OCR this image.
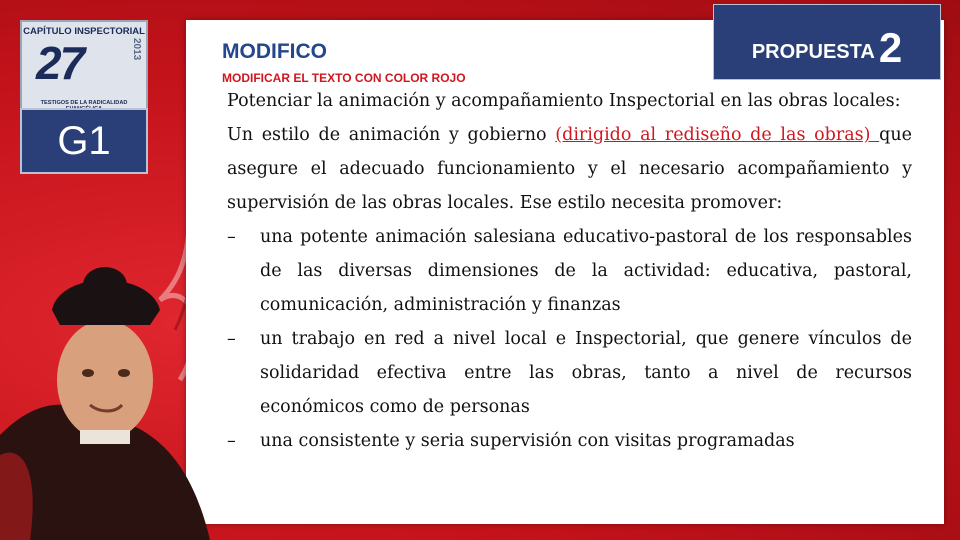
CAPÍTULO INSPECTORIAL
27	2013
TESTIGOS DE LA RADICALIDAD
G1
MODIFICO
MODIFICAR EL TEXTO CON COLOR ROJO
PROPUESTA 2

Potenciar la animación y acompañamiento Inspectorial en las obras locales:

Un estilo de animación y gobierno (dirigido al rediseño de las obras) que asegure el adecuado funcionamiento y el necesario acompañamiento y supervisión de las obras locales. Ese estilo necesita promover:

– una potente animación salesiana educativo-pastoral de los responsables de las diversas dimensiones de la actividad: educativa, pastoral, comunicación, administración y finanzas
– un trabajo en red a nivel local e Inspectorial, que genere vínculos de solidaridad efectiva entre las obras, tanto a nivel de recursos económicos como de personas
– una consistente y seria supervisión con visitas programadas
